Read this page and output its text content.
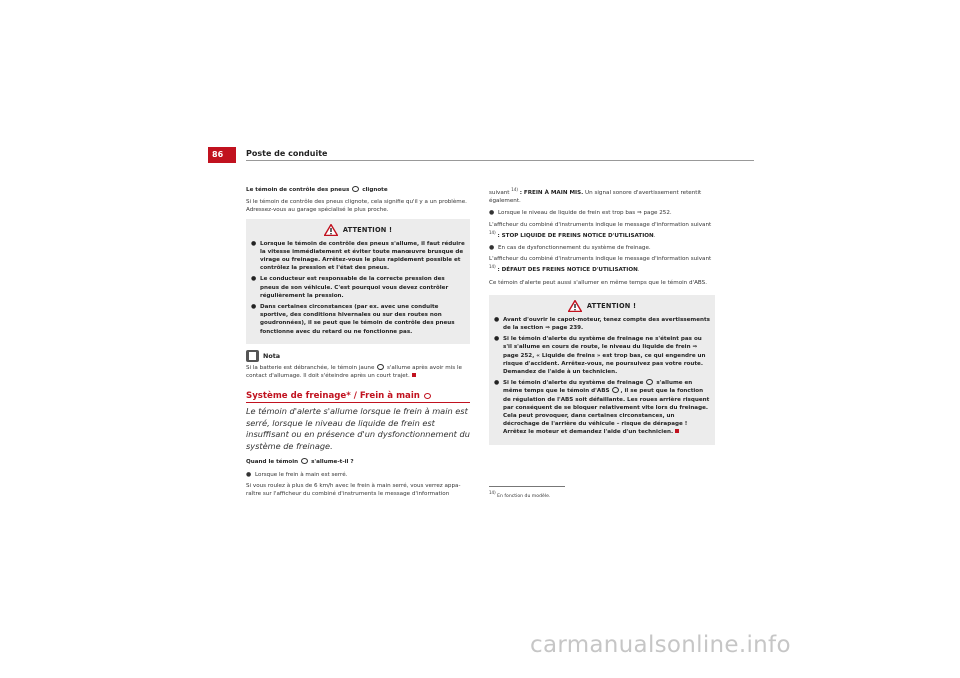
86	Poste de conduite

Le témoin de contrôle des pneus clignote

Si le témoin de contrôle des pneus clignote, cela signifie qu'il y a un problème. Adressez-vous au garage spécialisé le plus proche.

ATTENTION !
● Lorsque le témoin de contrôle des pneus s'allume, il faut réduire la vitesse immédiatement et éviter toute manœuvre brusque de virage ou freinage. Arrêtez-vous le plus rapidement possible et contrôlez la pression et l'état des pneus.
● Le conducteur est responsable de la correcte pression des pneus de son véhicule. C'est pourquoi vous devez contrôler régulièrement la pression.
● Dans certaines circonstances (par ex. avec une conduite sportive, des conditions hivernales ou sur des routes non goudronnées), il se peut que le témoin de contrôle des pneus fonctionne avec du retard ou ne fonctionne pas.
Nota

Si la batterie est débranchée, le témoin jaune s'allume après avoir mis le contact d'allumage. Il doit s'éteindre après un court trajet.

Système de freinage* / Frein à main
Le témoin d'alerte s'allume lorsque le frein à main est serré, lorsque le niveau de liquide de frein est insuffisant ou en présence d'un dysfonctionnement du système de freinage.

Quand le témoin s'allume-t-il ?

● Lorsque le frein à main est serré.

Si vous roulez à plus de 6 km/h avec le frein à main serré, vous verrez apparaître sur l'afficheur du combiné d'instruments le message d'information

suivant $^{14)}$ : FREIN À MAIN MIS. Un signal sonore d'avertissement retentit également.

● Lorsque le niveau de liquide de frein est trop bas ⇒ page 252.

L'afficheur du combiné d'instruments indique le message d'information suivant $^{14)}$ : STOP LIQUIDE DE FREINS NOTICE D'UTILISATION.

● En cas de dysfonctionnement du système de freinage.

L'afficheur du combiné d'instruments indique le message d'information suivant $^{14)}$ : DÉFAUT DES FREINS NOTICE D'UTILISATION.

Ce témoin d'alerte peut aussi s'allumer en même temps que le témoin d'ABS.

ATTENTION !
● Avant d'ouvrir le capot-moteur, tenez compte des avertissements de la section ⇒ page 239.
● Si le témoin d'alerte du système de freinage ne s'éteint pas ou s'il s'allume en cours de route, le niveau du liquide de frein ⇒ page 252, « Liquide de freins » est trop bas, ce qui engendre un risque d'accident. Arrêtez-vous, ne poursuivez pas votre route. Demandez de l'aide à un technicien.
● Si le témoin d'alerte du système de freinage s'allume en même temps que le témoin d'ABS , il se peut que la fonction de régulation de l'ABS soit défaillante. Les roues arrière risquent par conséquent de se bloquer relativement vite lors du freinage. Cela peut provoquer, dans certaines circonstances, un décrochage de l'arrière du véhicule – risque de dérapage ! Arrêtez le moteur et demandez l'aide d'un technicien.
14) En fonction du modèle.
carmanualsonline.info
